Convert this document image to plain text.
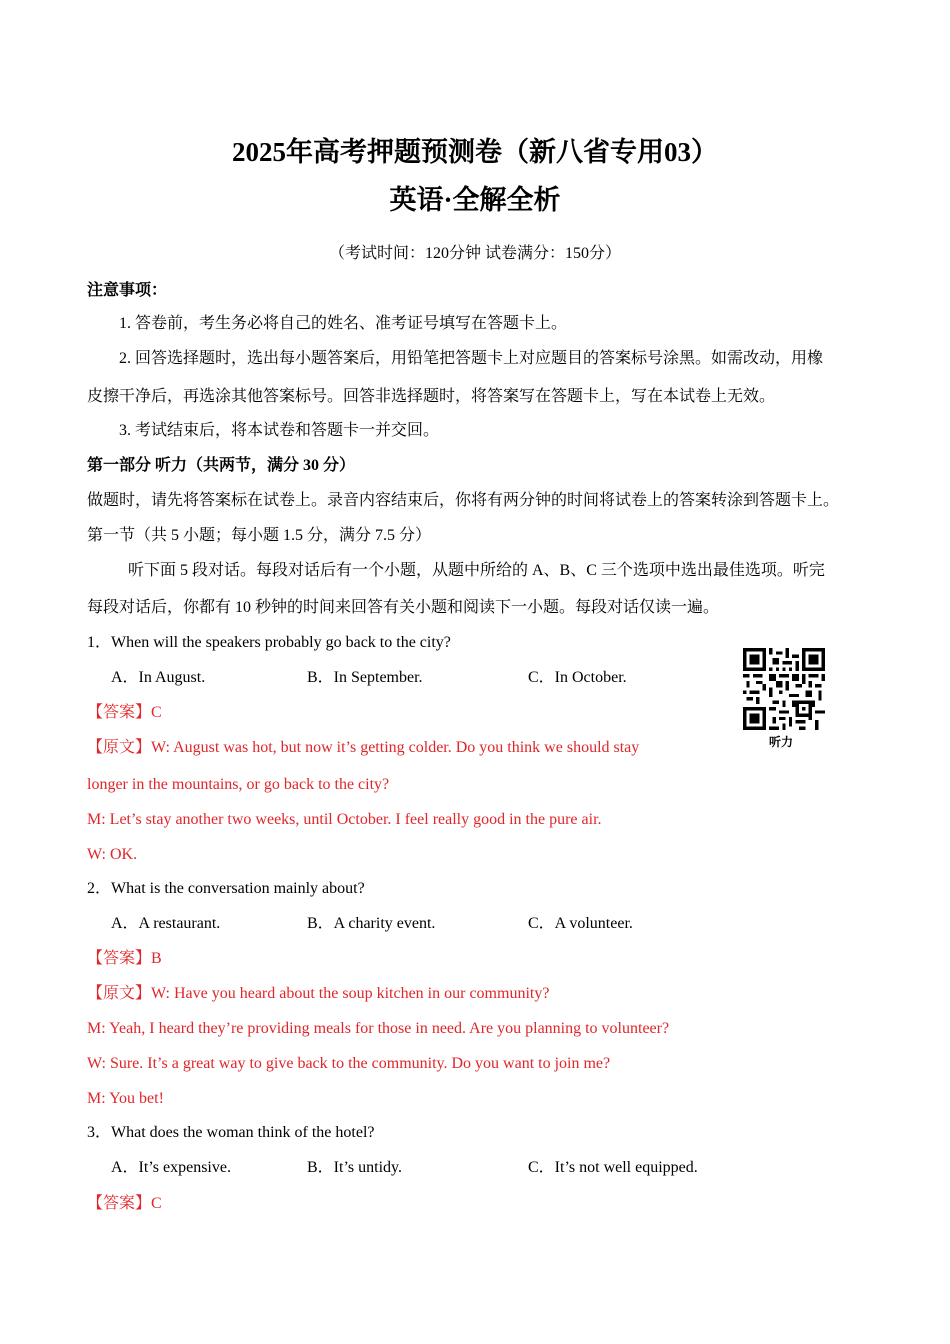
2025年高考押题预测卷（新八省专用03）
英语·全解全析
（考试时间：120分钟 试卷满分：150分）
注意事项：
1. 答卷前，考生务必将自己的姓名、准考证号填写在答题卡上。
2. 回答选择题时，选出每小题答案后，用铅笔把答题卡上对应题目的答案标号涂黑。如需改动，用橡
皮擦干净后，再选涂其他答案标号。回答非选择题时，将答案写在答题卡上，写在本试卷上无效。
3. 考试结束后，将本试卷和答题卡一并交回。
第一部分 听力（共两节，满分 30 分）
做题时，请先将答案标在试卷上。录音内容结束后，你将有两分钟的时间将试卷上的答案转涂到答题卡上。
第一节（共 5 小题；每小题 1.5 分，满分 7.5 分）
听下面 5 段对话。每段对话后有一个小题，从题中所给的 A、B、C 三个选项中选出最佳选项。听完
每段对话后，你都有 10 秒钟的时间来回答有关小题和阅读下一小题。每段对话仅读一遍。
1．When will the speakers probably go back to the city?
A．In August.	B．In September.	C．In October.
听力
【答案】C
【原文】W: August was hot, but now it’s getting colder. Do you think we should stay
longer in the mountains, or go back to the city?
M: Let’s stay another two weeks, until October. I feel really good in the pure air.
W: OK.
2．What is the conversation mainly about?
A．A restaurant.	B．A charity event.	C．A volunteer.
【答案】B
【原文】W: Have you heard about the soup kitchen in our community?
M: Yeah, I heard they’re providing meals for those in need. Are you planning to volunteer?
W: Sure. It’s a great way to give back to the community. Do you want to join me?
M: You bet!
3．What does the woman think of the hotel?
A．It’s expensive.	B．It’s untidy.	C．It’s not well equipped.
【答案】C
